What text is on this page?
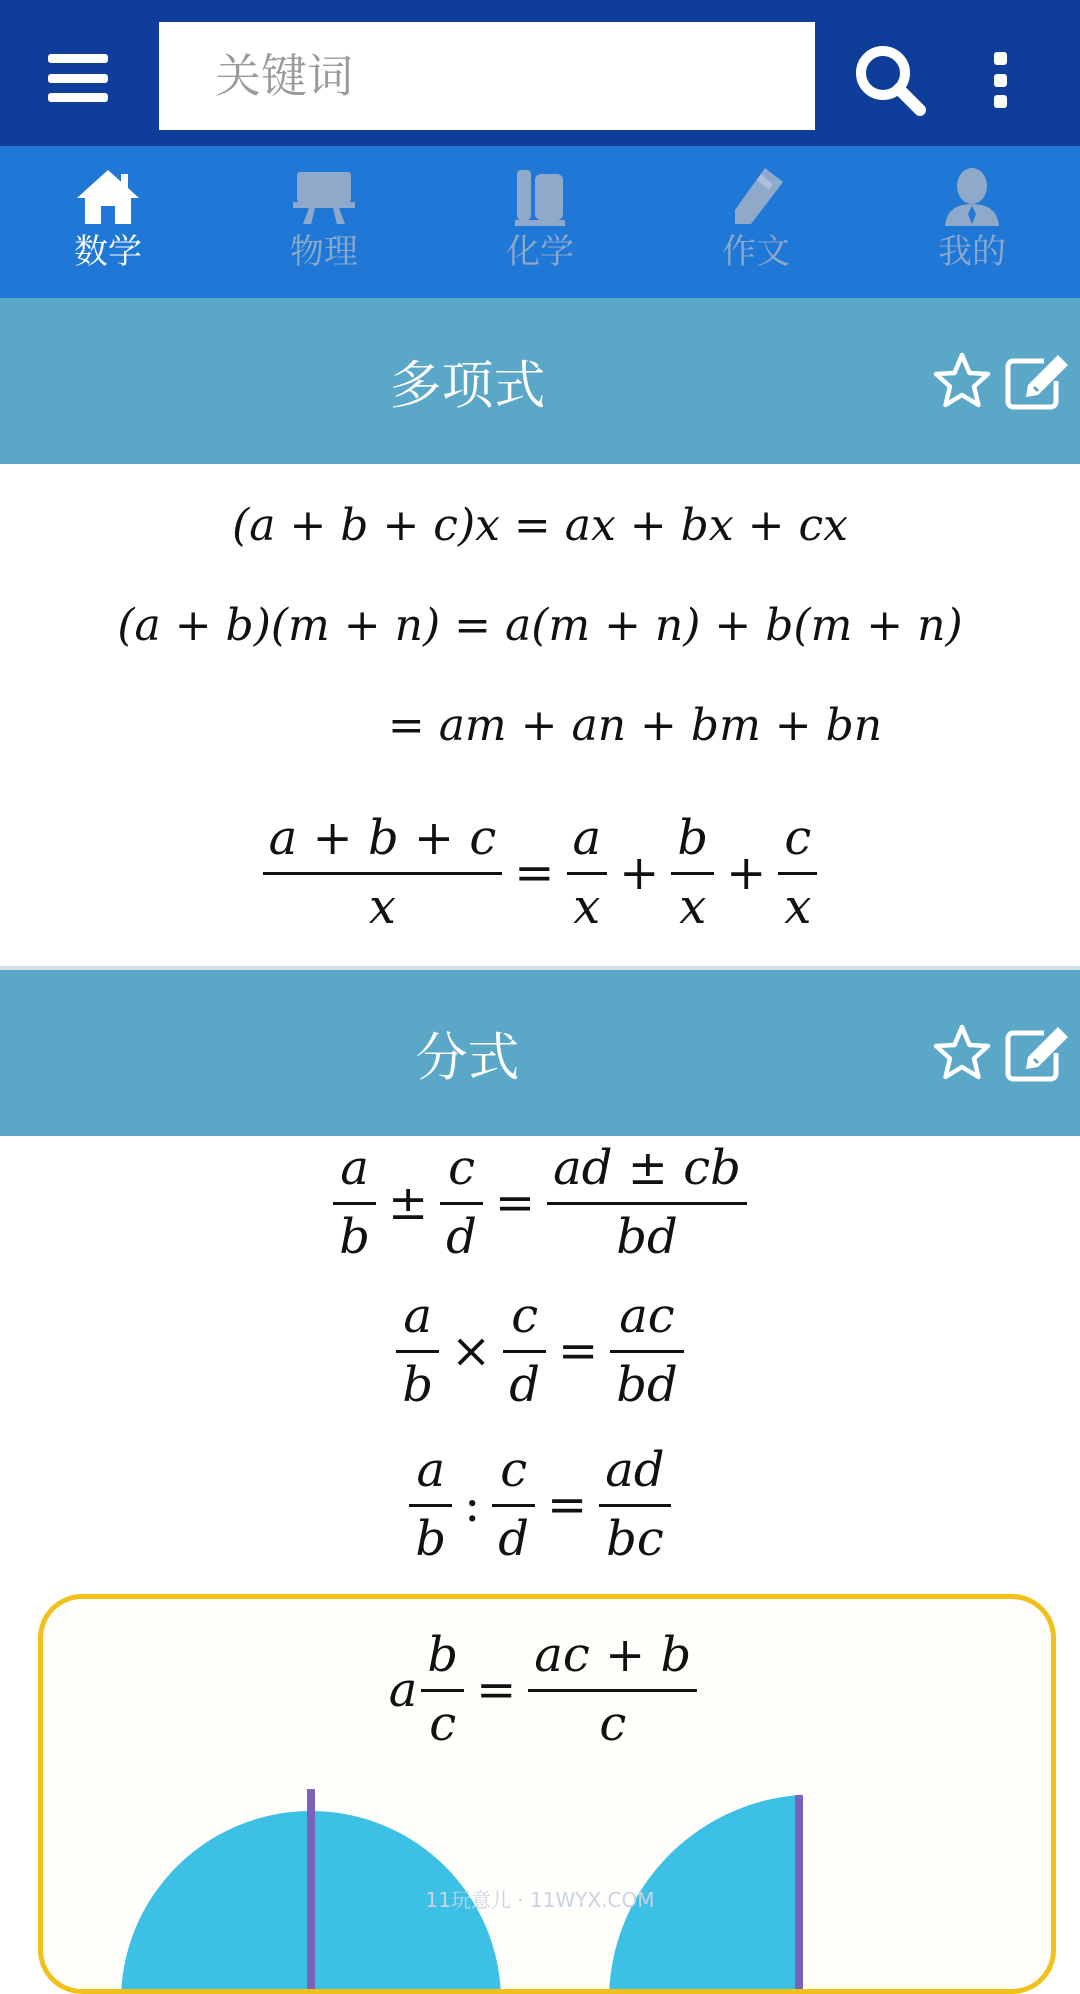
关键词
数学	物理	化学	作文	我的
多项式
(a + b + c)x = ax + bx + cx
(a + b)(m + n) = a(m + n) + b(m + n)
= am + an + bm + bn
$\frac{a + b + c}{x} = \frac{a}{x} + \frac{b}{x} + \frac{c}{x}$
分式
$\frac{a}{b} \pm \frac{c}{d} = \frac{ad \pm cb}{bd}$
$\frac{a}{b} \times \frac{c}{d} = \frac{ac}{bd}$
$\frac{a}{b}$ : $\frac{c}{d} = \frac{ad}{bc}$
a $\frac{b}{c} = \frac{ac + b}{c}$
11玩意儿 · 11WYX.COM
